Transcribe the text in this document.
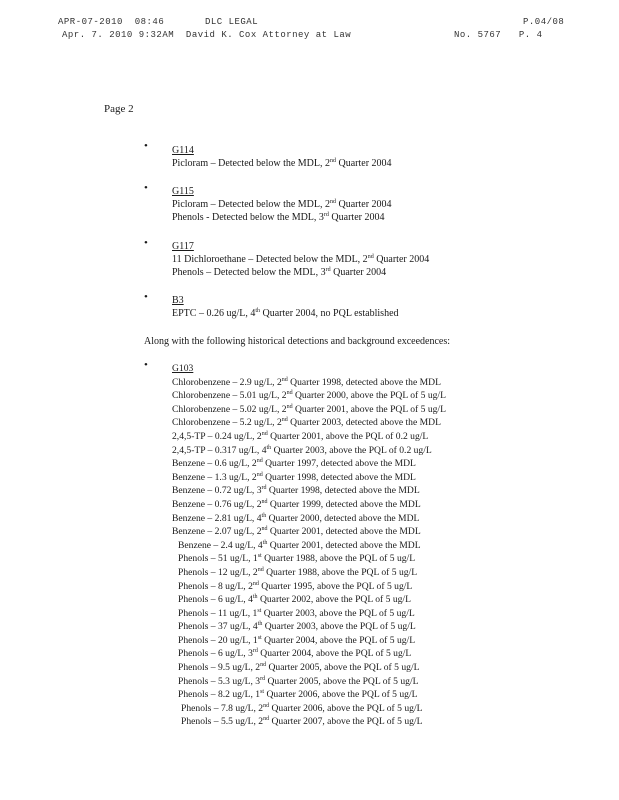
APR-07-2010  08:46	DLC LEGAL	P.04/08
Apr. 7. 2010 9:32AM  David K. Cox Attorney at Law	No. 5767   P. 4
Page 2
• G114
Picloram – Detected below the MDL, 2nd Quarter 2004
• G115
Picloram – Detected below the MDL, 2nd Quarter 2004
Phenols - Detected below the MDL, 3rd Quarter 2004
• G117
11 Dichloroethane – Detected below the MDL, 2nd Quarter 2004
Phenols – Detected below the MDL, 3rd Quarter 2004
• B3
EPTC – 0.26 ug/L, 4th Quarter 2004, no PQL established
Along with the following historical detections and background exceedences:
•	G103
Chlorobenzene – 2.9 ug/L, 2nd Quarter 1998, detected above the MDL
Chlorobenzene – 5.01 ug/L, 2nd Quarter 2000, above the PQL of 5 ug/L
Chlorobenzene – 5.02 ug/L, 2nd Quarter 2001, above the PQL of 5 ug/L
Chlorobenzene – 5.2 ug/L, 2nd Quarter 2003, detected above the MDL
2,4,5-TP – 0.24 ug/L, 2nd Quarter 2001, above the PQL of 0.2 ug/L
2,4,5-TP – 0.317 ug/L, 4th Quarter 2003, above the PQL of 0.2 ug/L
Benzene – 0.6 ug/L, 2nd Quarter 1997, detected above the MDL
Benzene – 1.3 ug/L, 2nd Quarter 1998, detected above the MDL
Benzene – 0.72 ug/L, 3rd Quarter 1998, detected above the MDL
Benzene – 0.76 ug/L, 2nd Quarter 1999, detected above the MDL
Benzene – 2.81 ug/L, 4th Quarter 2000, detected above the MDL
Benzene – 2.07 ug/L, 2nd Quarter 2001, detected above the MDL
Benzene – 2.4 ug/L, 4th Quarter 2001, detected above the MDL
Phenols – 51 ug/L, 1st Quarter 1988, above the PQL of 5 ug/L
Phenols – 12 ug/L, 2nd Quarter 1988, above the PQL of 5 ug/L
Phenols – 8 ug/L, 2nd Quarter 1995, above the PQL of 5 ug/L
Phenols – 6 ug/L, 4th Quarter 2002, above the PQL of 5 ug/L
Phenols – 11 ug/L, 1st Quarter 2003, above the PQL of 5 ug/L
Phenols – 37 ug/L, 4th Quarter 2003, above the PQL of 5 ug/L
Phenols – 20 ug/L, 1st Quarter 2004, above the PQL of 5 ug/L
Phenols – 6 ug/L, 3rd Quarter 2004, above the PQL of 5 ug/L
Phenols – 9.5 ug/L, 2nd Quarter 2005, above the PQL of 5 ug/L
Phenols – 5.3 ug/L, 3rd Quarter 2005, above the PQL of 5 ug/L
Phenols – 8.2 ug/L, 1st Quarter 2006, above the PQL of 5 ug/L
Phenols – 7.8 ug/L, 2nd Quarter 2006, above the PQL of 5 ug/L
Phenols – 5.5 ug/L, 2nd Quarter 2007, above the PQL of 5 ug/L
